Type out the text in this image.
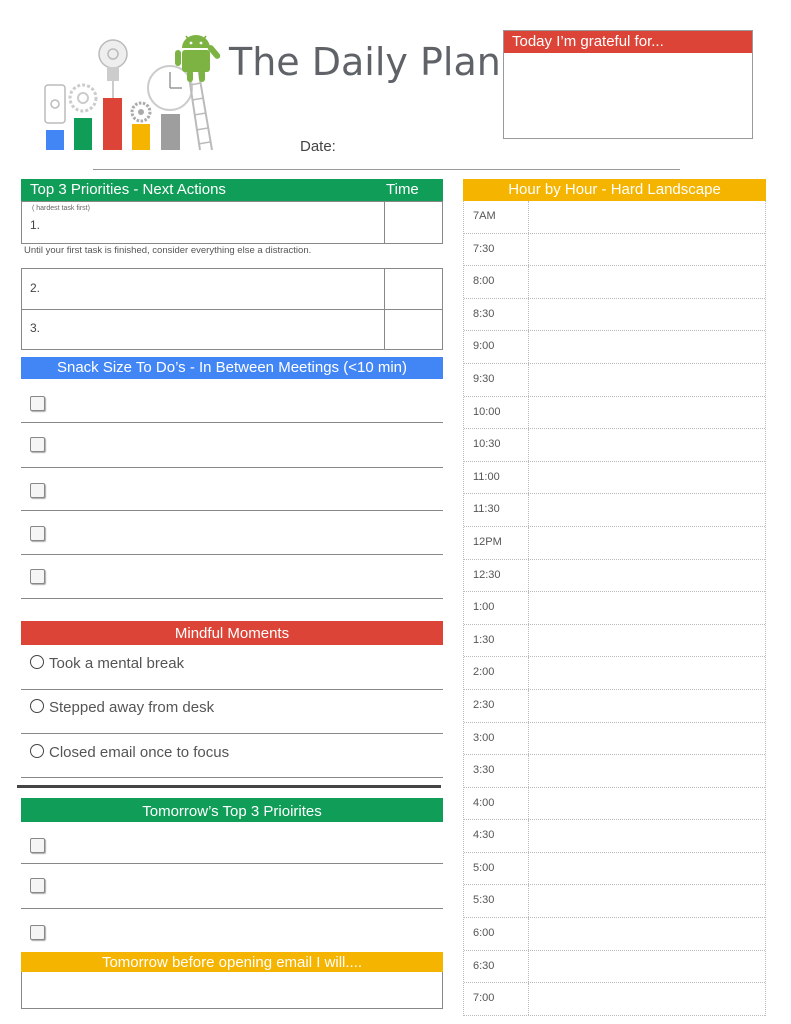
The Daily Plan
Date:
Today I’m grateful for...
Top 3 Priorities - Next Actions	Time
( hardest task first)
1.
Until your first task is finished, consider everything else a distraction.
2.
3.
Snack Size To Do’s - In Between Meetings (<10 min)
Mindful Moments
Took a mental break
Stepped away from desk
Closed email once to focus
Tomorrow’s Top 3 Prioirites
Tomorrow before opening email I will....
Hour by Hour - Hard Landscape
7AM
7:30
8:00
8:30
9:00
9:30
10:00
10:30
11:00
11:30
12PM
12:30
1:00
1:30
2:00
2:30
3:00
3:30
4:00
4:30
5:00
5:30
6:00
6:30
7:00
